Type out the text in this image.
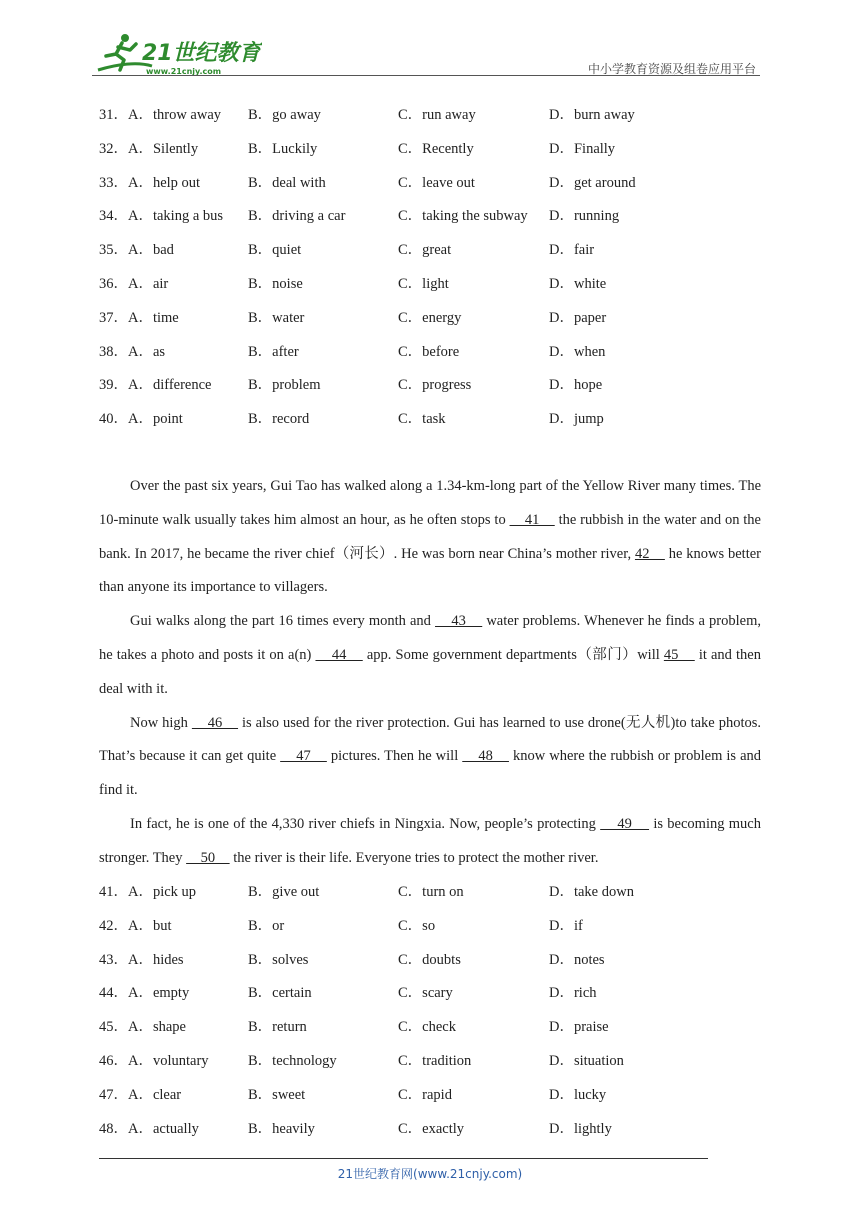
21世纪教育
www.21cnjy.com	中小学教育资源及组卷应用平台
31． A．throw away B．go away	C．run away	D．burn away
32． A．Silently	B．Luckily	C．Recently	D．Finally
33． A．help out	B．deal with	C．leave out	D．get around
34． A．taking a bus B．driving a car	C．taking the subway D．running
35． A．bad	B．quiet	C．great	D．fair
36． A．air	B．noise	C．light	D．white
37． A．time	B．water	C．energy	D．paper
38． A．as	B．after	C．before	D．when
39． A．difference	B．problem	C．progress	D．hope
40． A．point	B．record	C．task	D．jump

Over the past six years, Gui Tao has walked along a 1.34-km-long part of the Yellow River many times. The 10-minute walk usually takes him almost an hour, as he often stops to     41     the rubbish in the water and on the bank. In 2017, he became the river chief（河长）. He was born near China’s mother river, 42     he knows better than anyone its importance to villagers.

Gui walks along the part 16 times every month and     43     water problems. Whenever he finds a problem, he takes a photo and posts it on a(n)     44     app. Some government departments（部门）will 45     it and then deal with it.

Now high     46     is also used for the river protection. Gui has learned to use drone(无人机)to take photos. That’s because it can get quite     47     pictures. Then he will     48     know where the rubbish or problem is and find it.

In fact, he is one of the 4,330 river chiefs in Ningxia. Now, people’s protecting     49     is becoming much stronger. They     50     the river is their life. Everyone tries to protect the mother river.

41． A．pick up	B．give out	C．turn on	D．take down
42． A．but	B．or	C．so	D．if
43． A．hides	B．solves	C．doubts	D．notes
44． A．empty	B．certain	C．scary	D．rich
45． A．shape	B．return	C．check	D．praise
46． A．voluntary	B．technology	C．tradition	D．situation
47． A．clear	B．sweet	C．rapid	D．lucky
48． A．actually	B．heavily	C．exactly	D．lightly
21世纪教育网(www.21cnjy.com)
